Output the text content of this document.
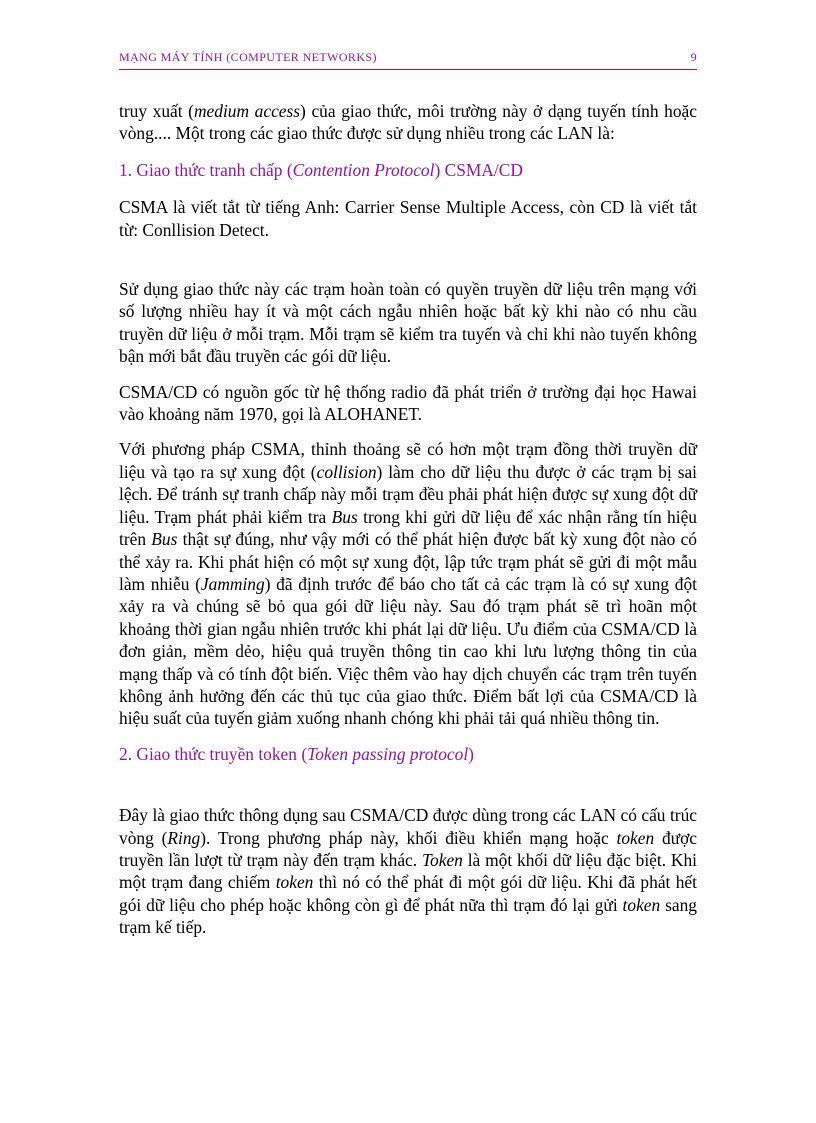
MẠNG MÁY TÍNH (COMPUTER NETWORKS)	9

truy xuất (medium access) của giao thức, môi trường này ở dạng tuyến tính hoặc vòng.... Một trong các giao thức được sử dụng nhiều trong các LAN là:

1. Giao thức tranh chấp (Contention Protocol) CSMA/CD

CSMA là viết tắt từ tiếng Anh: Carrier Sense Multiple Access, còn CD là viết tắt từ: Conllision Detect.

Sử dụng giao thức này các trạm hoàn toàn có quyền truyền dữ liệu trên mạng với số lượng nhiều hay ít và một cách ngẫu nhiên hoặc bất kỳ khi nào có nhu cầu truyền dữ liệu ở mỗi trạm. Mỗi trạm sẽ kiểm tra tuyến và chỉ khi nào tuyến không bận mới bắt đầu truyền các gói dữ liệu.

CSMA/CD có nguồn gốc từ hệ thống radio đã phát triển ở trường đại học Hawai vào khoảng năm 1970, gọi là ALOHANET.

Với phương pháp CSMA, thỉnh thoảng sẽ có hơn một trạm đồng thời truyền dữ liệu và tạo ra sự xung đột (collision) làm cho dữ liệu thu được ở các trạm bị sai lệch. Để tránh sự tranh chấp này mỗi trạm đều phải phát hiện được sự xung đột dữ liệu. Trạm phát phải kiểm tra Bus trong khi gửi dữ liệu để xác nhận rằng tín hiệu trên Bus thật sự đúng, như vậy mới có thể phát hiện được bất kỳ xung đột nào có thể xảy ra. Khi phát hiện có một sự xung đột, lập tức trạm phát sẽ gửi đi một mẫu làm nhiễu (Jamming) đã định trước để báo cho tất cả các trạm là có sự xung đột xảy ra và chúng sẽ bỏ qua gói dữ liệu này. Sau đó trạm phát sẽ trì hoãn một khoảng thời gian ngẫu nhiên trước khi phát lại dữ liệu. Ưu điểm của CSMA/CD là đơn giản, mềm dẻo, hiệu quả truyền thông tin cao khi lưu lượng thông tin của mạng thấp và có tính đột biến. Việc thêm vào hay dịch chuyển các trạm trên tuyến không ảnh hưởng đến các thủ tục của giao thức. Điểm bất lợi của CSMA/CD là hiệu suất của tuyến giảm xuống nhanh chóng khi phải tải quá nhiều thông tin.

2. Giao thức truyền token (Token passing protocol)

Đây là giao thức thông dụng sau CSMA/CD được dùng trong các LAN có cấu trúc vòng (Ring). Trong phương pháp này, khối điều khiển mạng hoặc token được truyền lần lượt từ trạm này đến trạm khác. Token là một khối dữ liệu đặc biệt. Khi một trạm đang chiếm token thì nó có thể phát đi một gói dữ liệu. Khi đã phát hết gói dữ liệu cho phép hoặc không còn gì để phát nữa thì trạm đó lại gửi token sang trạm kế tiếp.
